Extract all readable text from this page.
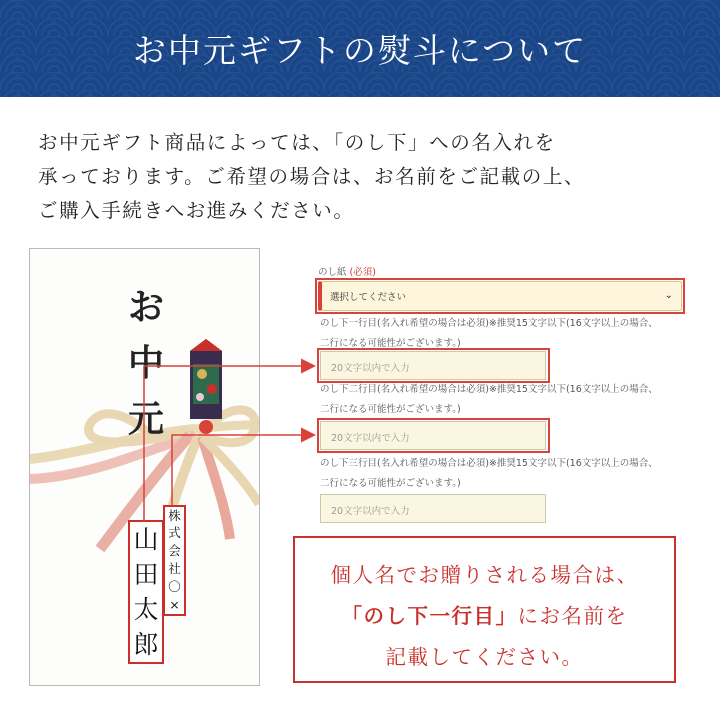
お中元ギフトの熨斗について
お中元ギフト商品によっては、「のし下」への名入れを
承っております。ご希望の場合は、お名前をご記載の上、
ご購入手続きへお進みください。
お
中
元
山
田
太
郎
株
式
会
社
〇
×
のし紙 (必須)
選択してください	⌄
のし下一行目(名入れ希望の場合は必須)※推奨15文字以下(16文字以上の場合、
二行になる可能性がございます。)
20文字以内で入力
のし下二行目(名入れ希望の場合は必須)※推奨15文字以下(16文字以上の場合、
二行になる可能性がございます。)
20文字以内で入力
のし下三行目(名入れ希望の場合は必須)※推奨15文字以下(16文字以上の場合、
二行になる可能性がございます。)
20文字以内で入力
個人名でお贈りされる場合は、
「のし下一行目」にお名前を
記載してください。
